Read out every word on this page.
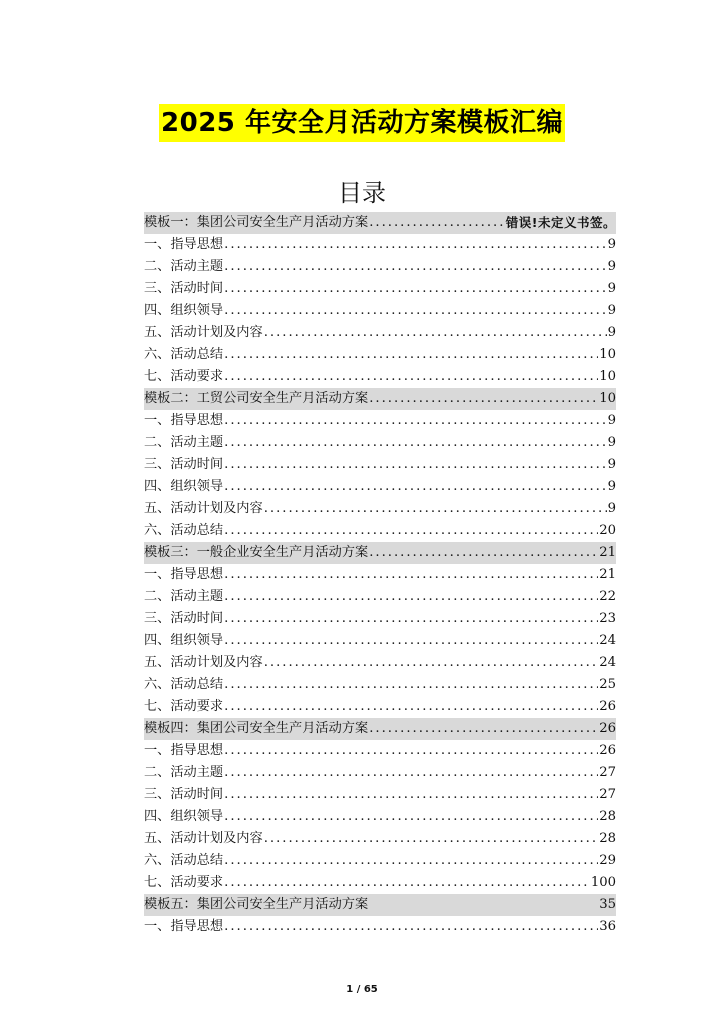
2025 年安全月活动方案模板汇编
目录
模板一：集团公司安全生产月活动方案 .....	错误!未定义书签。
一、指导思想 .....	9
二、活动主题 .....	9
三、活动时间 .....	9
四、组织领导 .....	9
五、活动计划及内容 .....	9
六、活动总结 .....	10
七、活动要求 .....	10
模板二：工贸公司安全生产月活动方案 .....	10
一、指导思想 .....	9
二、活动主题 .....	9
三、活动时间 .....	9
四、组织领导 .....	9
五、活动计划及内容 .....	9
六、活动总结 .....	20
模板三：一般企业安全生产月活动方案 .....	21
一、指导思想 .....	21
二、活动主题 .....	22
三、活动时间 .....	23
四、组织领导 .....	24
五、活动计划及内容 .....	24
六、活动总结 .....	25
七、活动要求 .....	26
模板四：集团公司安全生产月活动方案 .....	26
一、指导思想 .....	26
二、活动主题 .....	27
三、活动时间 .....	27
四、组织领导 .....	28
五、活动计划及内容 .....	28
六、活动总结 .....	29
七、活动要求 .....	100
模板五：集团公司安全生产月活动方案	35
一、指导思想 .....	36
1 / 65
